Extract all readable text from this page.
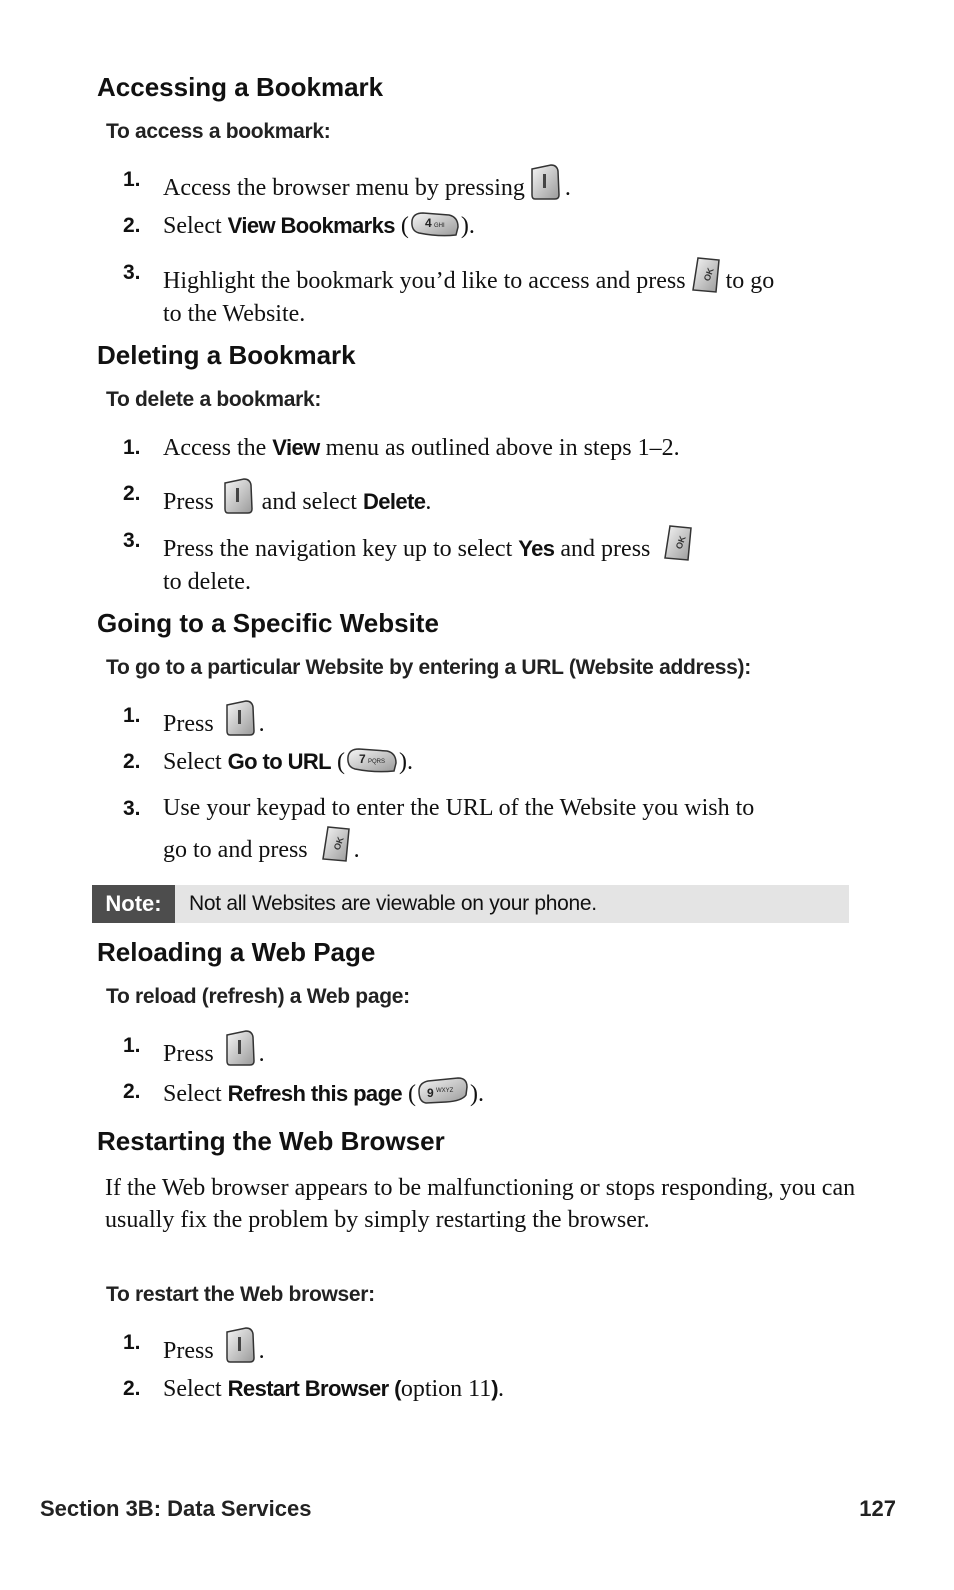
Accessing a Bookmark

To access a bookmark:

1. Access the browser menu by pressing .
2. Select View Bookmarks ( 4 GHI ).
3. Highlight the bookmark you’d like to access and press OK to go
to the Website.
Deleting a Bookmark

To delete a bookmark:

1. Access the View menu as outlined above in steps 1–2.
2. Press and select Delete.
3. Press the navigation key up to select Yes and press	OK

to delete.
Going to a Specific Website

To go to a particular Website by entering a URL (Website address):

1. Press .
2. Select Go to URL ( 7 PQRS ).
3. Use your keypad to enter the URL of the Website you wish to
go to and press	OK .
Note:	Not all Websites are viewable on your phone.
Reloading a Web Page

To reload (refresh) a Web page:

1. Press .
2. Select Refresh this page ( 9 WXYZ ).
Restarting the Web Browser

If the Web browser appears to be malfunctioning or stops responding, you can usually fix the problem by simply restarting the browser.

To restart the Web browser:

1. Press .
2. Select Restart Browser (option 11).
Section 3B: Data Services	127
